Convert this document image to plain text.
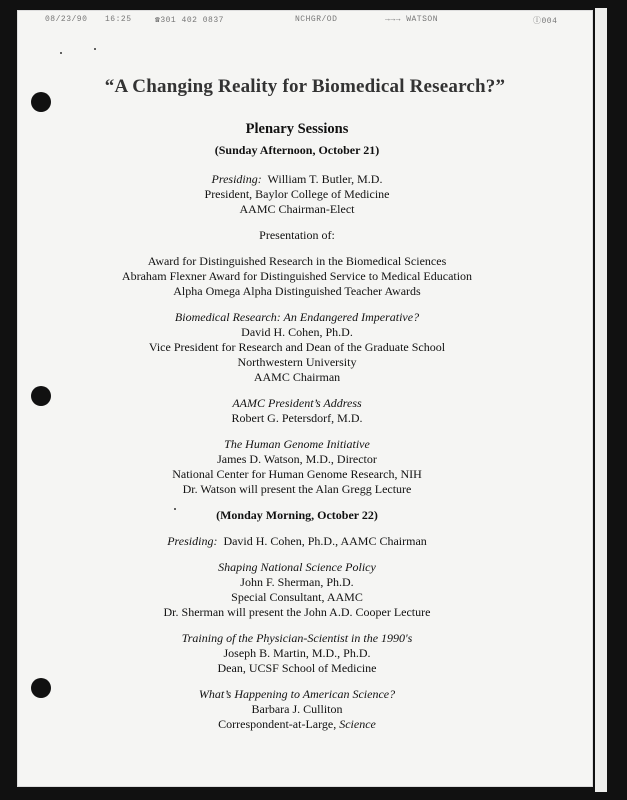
08/23/90 16:25	☎301 402 0837	NCHGR/OD	→→→ WATSON	Ⓘ004
“A Changing Reality for Biomedical Research?”

Plenary Sessions

(Sunday Afternoon, October 21)

Presiding: William T. Butler, M.D.

President, Baylor College of Medicine

AAMC Chairman-Elect

Presentation of:

Award for Distinguished Research in the Biomedical Sciences

Abraham Flexner Award for Distinguished Service to Medical Education

Alpha Omega Alpha Distinguished Teacher Awards

Biomedical Research: An Endangered Imperative?

David H. Cohen, Ph.D.

Vice President for Research and Dean of the Graduate School

Northwestern University

AAMC Chairman

AAMC President’s Address

Robert G. Petersdorf, M.D.

The Human Genome Initiative

James D. Watson, M.D., Director

National Center for Human Genome Research, NIH

Dr. Watson will present the Alan Gregg Lecture

(Monday Morning, October 22)

Presiding: David H. Cohen, Ph.D., AAMC Chairman

Shaping National Science Policy

John F. Sherman, Ph.D.

Special Consultant, AAMC

Dr. Sherman will present the John A.D. Cooper Lecture

Training of the Physician-Scientist in the 1990's

Joseph B. Martin, M.D., Ph.D.

Dean, UCSF School of Medicine

What’s Happening to American Science?

Barbara J. Culliton

Correspondent-at-Large, Science
